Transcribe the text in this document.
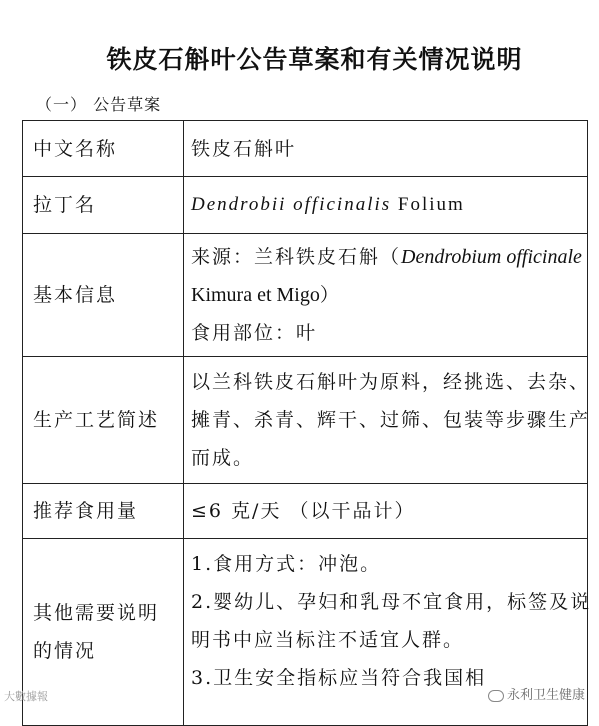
铁皮石斛叶公告草案和有关情况说明
（一） 公告草案
中文名称	铁皮石斛叶
拉丁名	Dendrobii officinalis Folium
基本信息	来源：兰科铁皮石斛（Dendrobium officinale
Kimura et Migo）
食用部位：叶

生产工艺简述	以兰科铁皮石斛叶为原料，经挑选、去杂、
摊青、杀青、辉干、过筛、包装等步骤生产
而成。

推荐食用量	≤6 克/天 （以干品计）

其他需要说明
的情况	1.食用方式：冲泡。
2.婴幼儿、孕妇和乳母不宜食用，标签及说
明书中应当标注不适宜人群。
3.卫生安全指标应当符合我国相
大數據報	永利卫生健康
